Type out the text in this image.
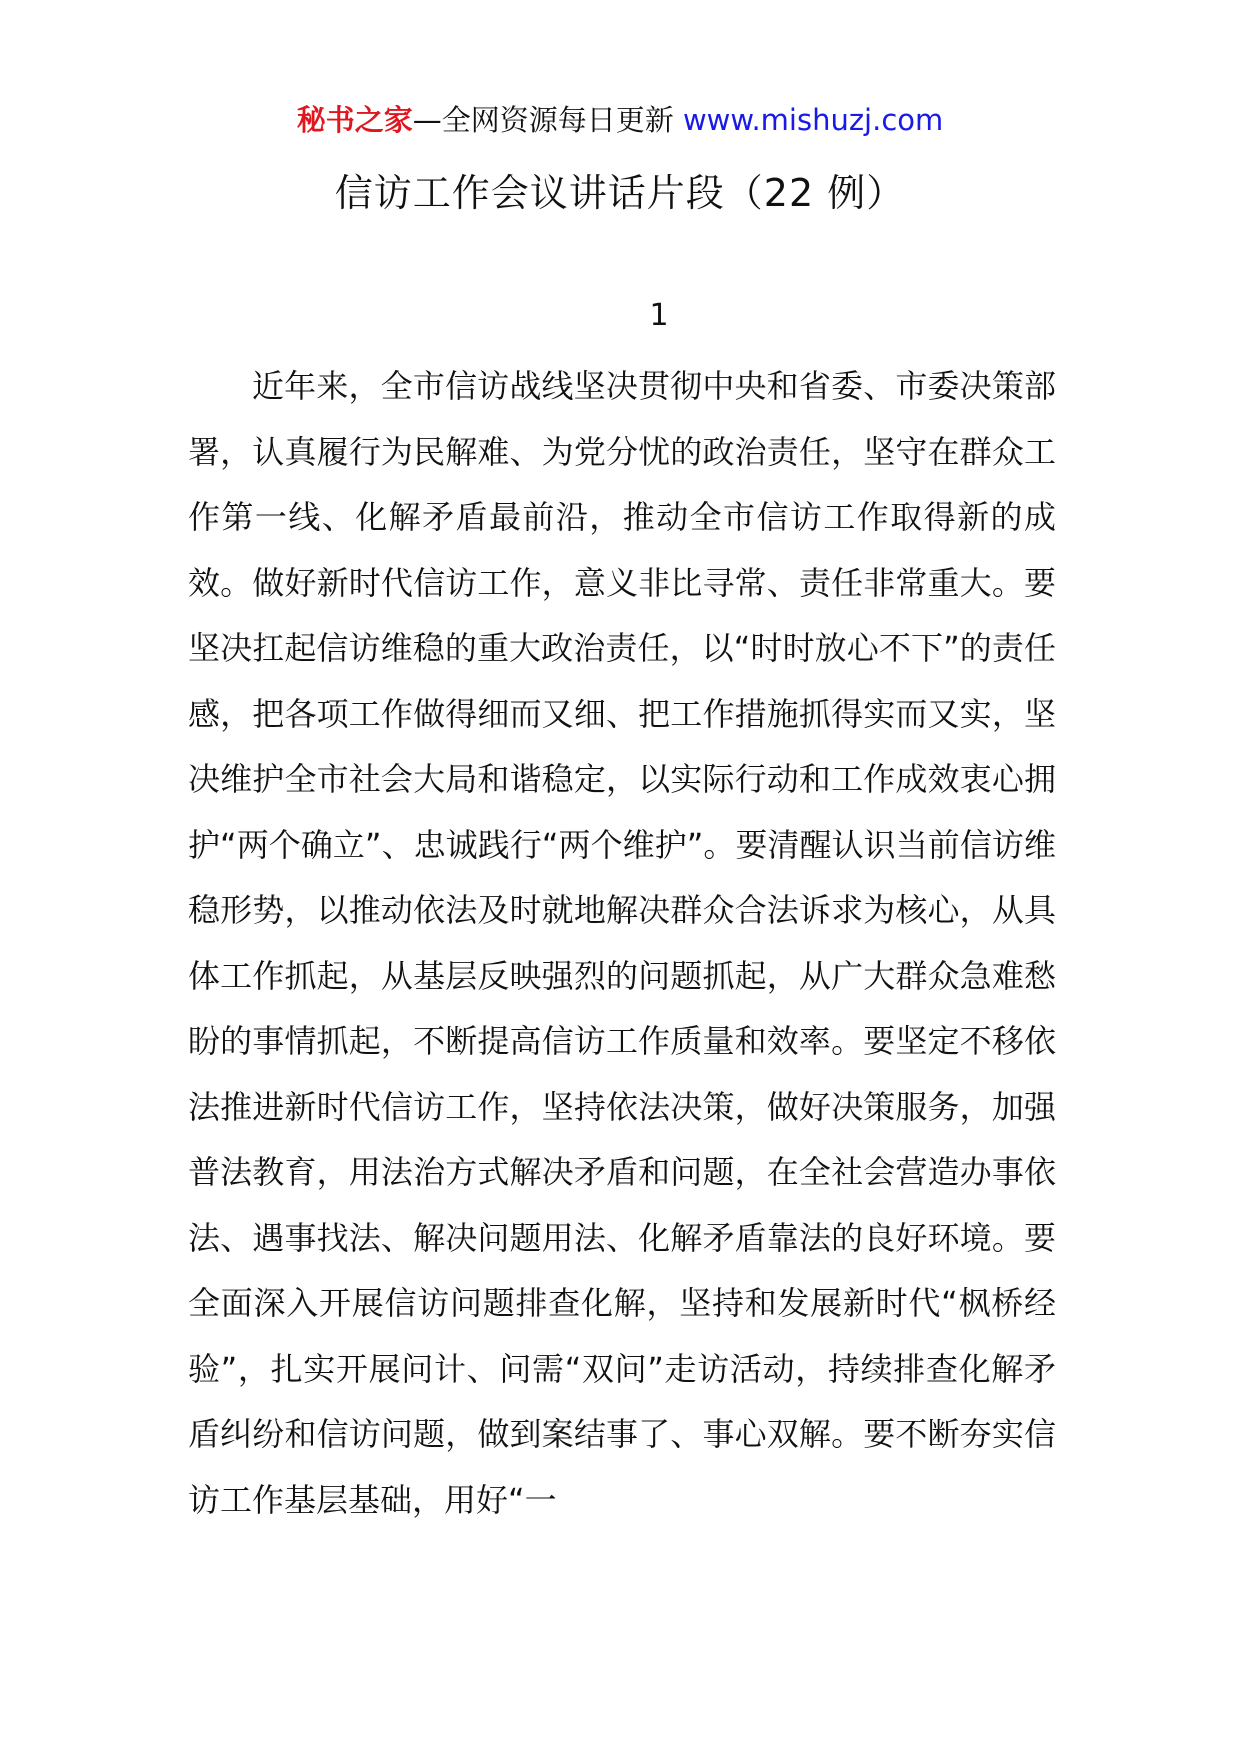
秘书之家—全网资源每日更新 www.mishuzj.com
信访工作会议讲话片段（22 例）
1

近年来，全市信访战线坚决贯彻中央和省委、市委决策部署，认真履行为民解难、为党分忧的政治责任，坚守在群众工作第一线、化解矛盾最前沿，推动全市信访工作取得新的成效。做好新时代信访工作，意义非比寻常、责任非常重大。要坚决扛起信访维稳的重大政治责任，以“时时放心不下”的责任感，把各项工作做得细而又细、把工作措施抓得实而又实，坚决维护全市社会大局和谐稳定，以实际行动和工作成效衷心拥护“两个确立”、忠诚践行“两个维护”。要清醒认识当前信访维稳形势，以推动依法及时就地解决群众合法诉求为核心，从具体工作抓起，从基层反映强烈的问题抓起，从广大群众急难愁盼的事情抓起，不断提高信访工作质量和效率。要坚定不移依法推进新时代信访工作，坚持依法决策，做好决策服务，加强普法教育，用法治方式解决矛盾和问题，在全社会营造办事依法、遇事找法、解决问题用法、化解矛盾靠法的良好环境。要全面深入开展信访问题排查化解，坚持和发展新时代“枫桥经验”，扎实开展问计、问需“双问”走访活动，持续排查化解矛盾纠纷和信访问题，做到案结事了、事心双解。要不断夯实信访工作基层基础，用好“一
